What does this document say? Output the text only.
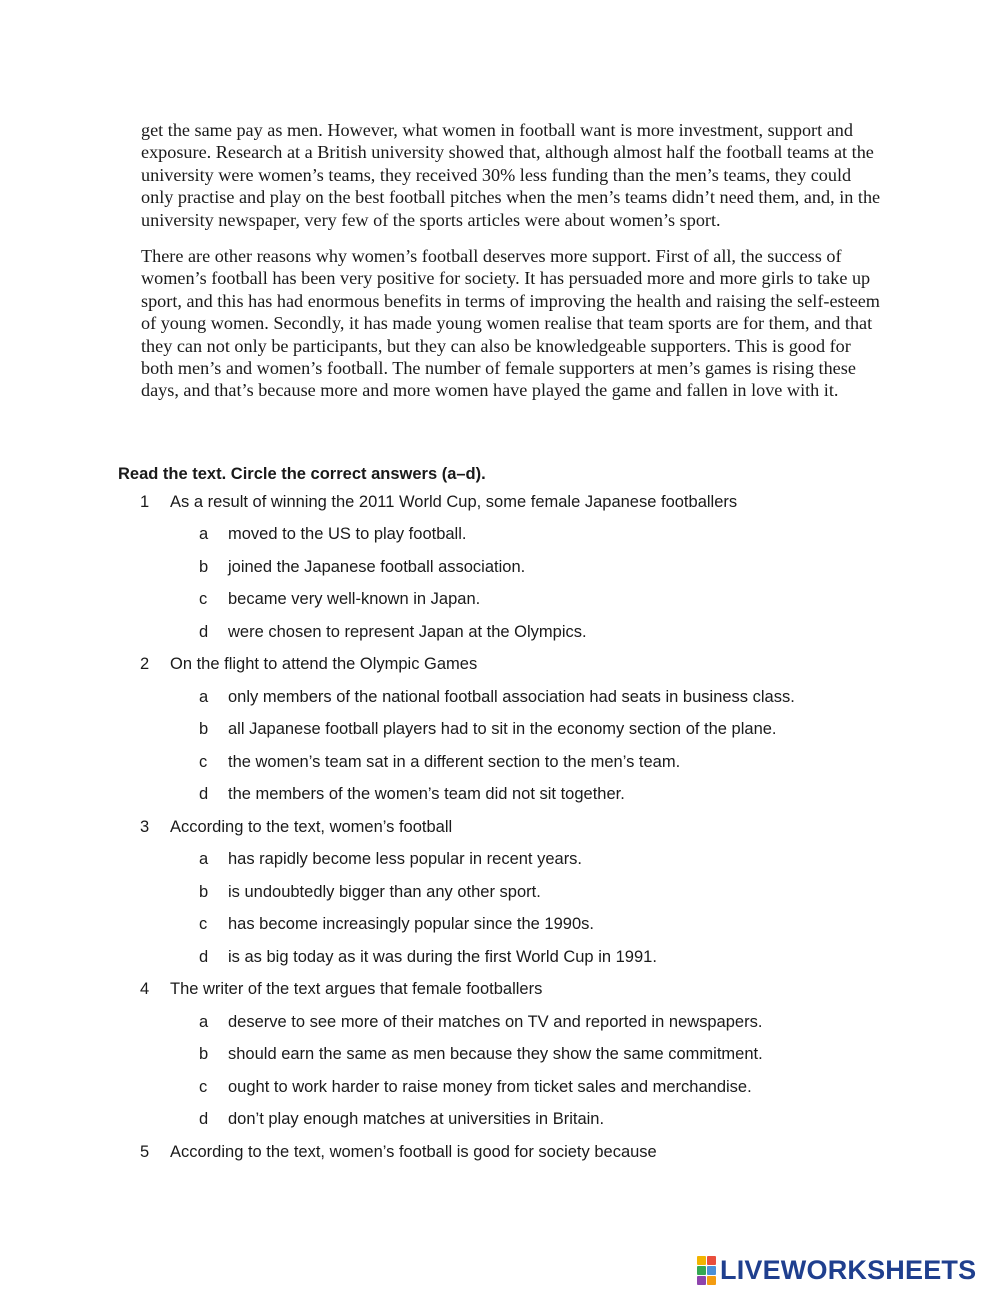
get the same pay as men. However, what women in football want is more investment, support and exposure. Research at a British university showed that, although almost half the football teams at the university were women’s teams, they received 30% less funding than the men’s teams, they could only practise and play on the best football pitches when the men’s teams didn’t need them, and, in the university newspaper, very few of the sports articles were about women’s sport.

There are other reasons why women’s football deserves more support. First of all, the success of women’s football has been very positive for society. It has persuaded more and more girls to take up sport, and this has had enormous benefits in terms of improving the health and raising the self-esteem of young women. Secondly, it has made young women realise that team sports are for them, and that they can not only be participants, but they can also be knowledgeable supporters. This is good for both men’s and women’s football. The number of female supporters at men’s games is rising these days, and that’s because more and more women have played the game and fallen in love with it.

Read the text. Circle the correct answers (a–d).

1	As a result of winning the 2011 World Cup, some female Japanese footballers
a	moved to the US to play football.
b	joined the Japanese football association.
c	became very well-known in Japan.
d	were chosen to represent Japan at the Olympics.
2	On the flight to attend the Olympic Games
a	only members of the national football association had seats in business class.
b	all Japanese football players had to sit in the economy section of the plane.
c	the women’s team sat in a different section to the men’s team.
d	the members of the women’s team did not sit together.
3	According to the text, women’s football
a	has rapidly become less popular in recent years.
b	is undoubtedly bigger than any other sport.
c	has become increasingly popular since the 1990s.
d	is as big today as it was during the first World Cup in 1991.
4	The writer of the text argues that female footballers
a	deserve to see more of their matches on TV and reported in newspapers.
b	should earn the same as men because they show the same commitment.
c	ought to work harder to raise money from ticket sales and merchandise.
d	don’t play enough matches at universities in Britain.
5	According to the text, women’s football is good for society because
LIVEWORKSHEETS
